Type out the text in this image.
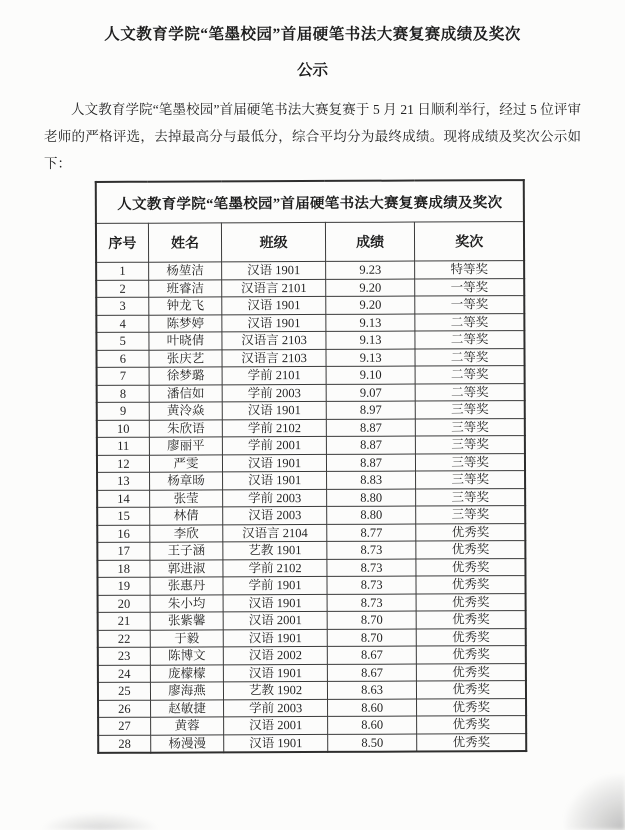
人文教育学院“笔墨校园”首届硬笔书法大赛复赛成绩及奖次
公示

人文教育学院“笔墨校园”首届硬笔书法大赛复赛于 5 月 21 日顺利举行，经过 5 位评审老师的严格评选，去掉最高分与最低分，综合平均分为最终成绩。现将成绩及奖次公示如下：

人文教育学院“笔墨校园”首届硬笔书法大赛复赛成绩及奖次				
序号	姓名	班级	成绩	奖次
1	杨堃洁	汉语 1901	9.23	特等奖
2	班睿洁	汉语言 2101	9.20	一等奖
3	钟龙飞	汉语 1901	9.20	一等奖
4	陈梦婷	汉语 1901	9.13	二等奖
5	叶晓倩	汉语言 2103	9.13	二等奖
6	张庆艺	汉语言 2103	9.13	二等奖
7	徐梦璐	学前 2101	9.10	二等奖
8	潘信如	学前 2003	9.07	二等奖
9	黄泠焱	汉语 1901	8.97	三等奖
10	朱欣语	学前 2102	8.87	三等奖
11	廖丽平	学前 2001	8.87	三等奖
12	严雯	汉语 1901	8.87	三等奖
13	杨章旸	汉语 1901	8.83	三等奖
14	张莹	学前 2003	8.80	三等奖
15	林倩	汉语 2003	8.80	三等奖
16	李欣	汉语言 2104	8.77	优秀奖
17	王子涵	艺教 1901	8.73	优秀奖
18	郭进淑	学前 2102	8.73	优秀奖
19	张惠丹	学前 1901	8.73	优秀奖
20	朱小均	汉语 1901	8.73	优秀奖
21	张紫馨	汉语 2001	8.70	优秀奖
22	于毅	汉语 1901	8.70	优秀奖
23	陈博文	汉语 2002	8.67	优秀奖
24	庞檬檬	汉语 1901	8.67	优秀奖
25	廖海燕	艺教 1902	8.63	优秀奖
26	赵敏捷	学前 2003	8.60	优秀奖
27	黄蓉	汉语 2001	8.60	优秀奖
28	杨漫漫	汉语 1901	8.50	优秀奖
